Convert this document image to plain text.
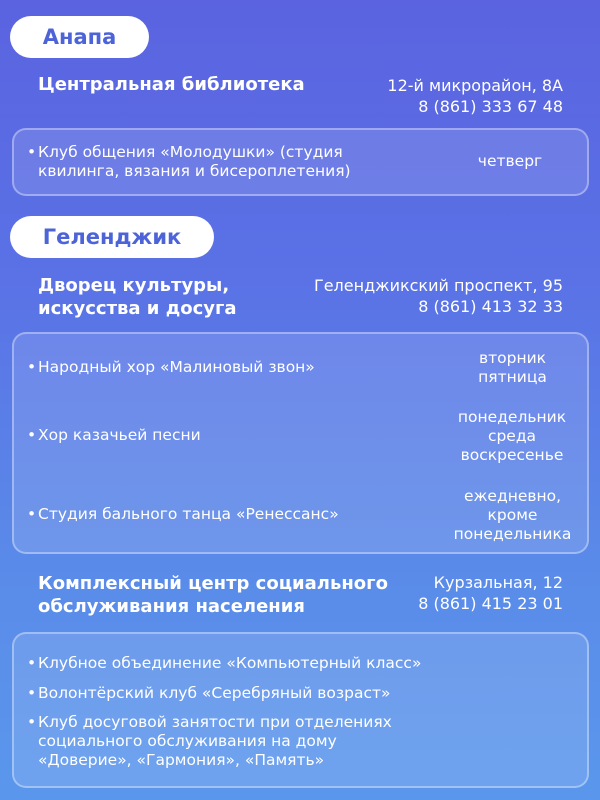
Анапа
Центральная библиотека	12-й микрорайон, 8А
8 (861) 333 67 48
• Клуб общения «Молодушки» (студия
квилинга, вязания и бисероплетения)
четверг
Геленджик
Дворец культуры,
искусства и досуга
Геленджикский проспект, 95
8 (861) 413 32 33
• Народный хор «Малиновый звон»	вторник
пятница
• Хор казачьей песни
понедельник
среда
воскресенье
• Студия бального танца «Ренессанс»
ежедневно,
кроме
понедельника
Комплексный центр социального
обслуживания населения
Курзальная, 12
8 (861) 415 23 01
• Клубное объединение «Компьютерный класс»
• Волонтёрский клуб «Серебряный возраст»
• Клуб досуговой занятости при отделениях
социального обслуживания на дому
«Доверие», «Гармония», «Память»
